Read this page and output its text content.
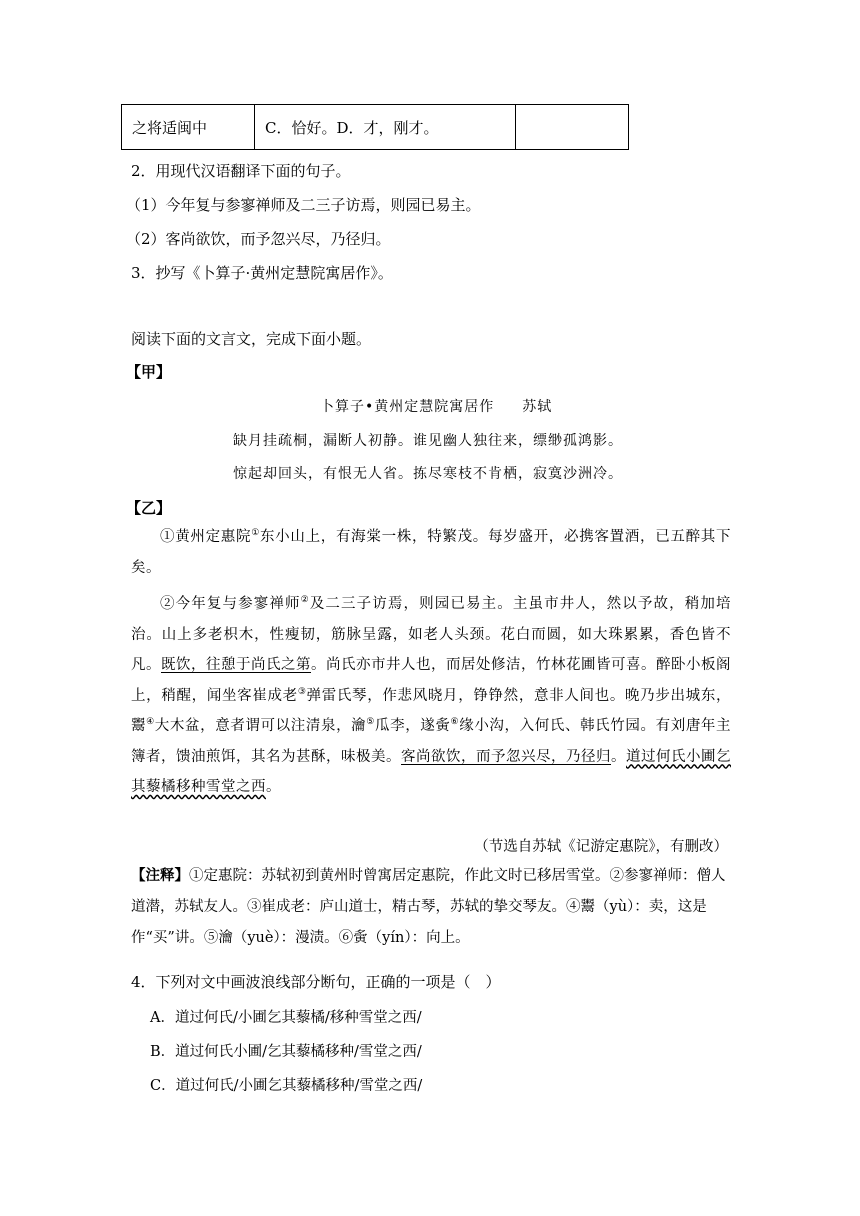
之将适闽中	C．恰好。D．才，刚才。	
2．用现代汉语翻译下面的句子。
（1）今年复与参寥禅师及二三子访焉，则园已易主。
（2）客尚欲饮，而予忽兴尽，乃径归。
3．抄写《卜算子·黄州定慧院寓居作》。
阅读下面的文言文，完成下面小题。
【甲】
卜算子•黄州定慧院寓居作 苏轼
缺月挂疏桐，漏断人初静。谁见幽人独往来，缥缈孤鸿影。
惊起却回头，有恨无人省。拣尽寒枝不肯栖，寂寞沙洲冷。
【乙】

①黄州定惠院①东小山上，有海棠一株，特繁茂。每岁盛开，必携客置酒，已五醉其下矣。

②今年复与参寥禅师②及二三子访焉，则园已易主。主虽市井人，然以予故，稍加培治。山上多老枳木，性瘦韧，筋脉呈露，如老人头颈。花白而圆，如大珠累累，香色皆不凡。既饮，往憩于尚氏之第。尚氏亦市井人也，而居处修洁，竹林花圃皆可喜。醉卧小板阁上，稍醒，闻坐客崔成老③弹雷氏琴，作悲风晓月，铮铮然，意非人间也。晚乃步出城东，鬻④大木盆，意者谓可以注清泉，瀹⑤瓜李，遂夤⑥缘小沟，入何氏、韩氏竹园。有刘唐年主簿者，馈油煎饵，其名为甚酥，味极美。客尚欲饮，而予忽兴尽，乃径归。道过何氏小圃乞其藜橘移种雪堂之西。

（节选自苏轼《记游定惠院》，有删改）

【注释】①定惠院：苏轼初到黄州时曾寓居定惠院，作此文时已移居雪堂。②参寥禅师：僧人道潜，苏轼友人。③崔成老：庐山道士，精古琴，苏轼的挚交琴友。④鬻（yù）：卖，这是作“买”讲。⑤瀹（yuè）：漫渍。⑥夤（yín）：向上。

4．下列对文中画波浪线部分断句，正确的一项是（　）
A．道过何氏/小圃乞其藜橘/移种雪堂之西/
B．道过何氏小圃/乞其藜橘移种/雪堂之西/
C．道过何氏/小圃乞其藜橘移种/雪堂之西/
